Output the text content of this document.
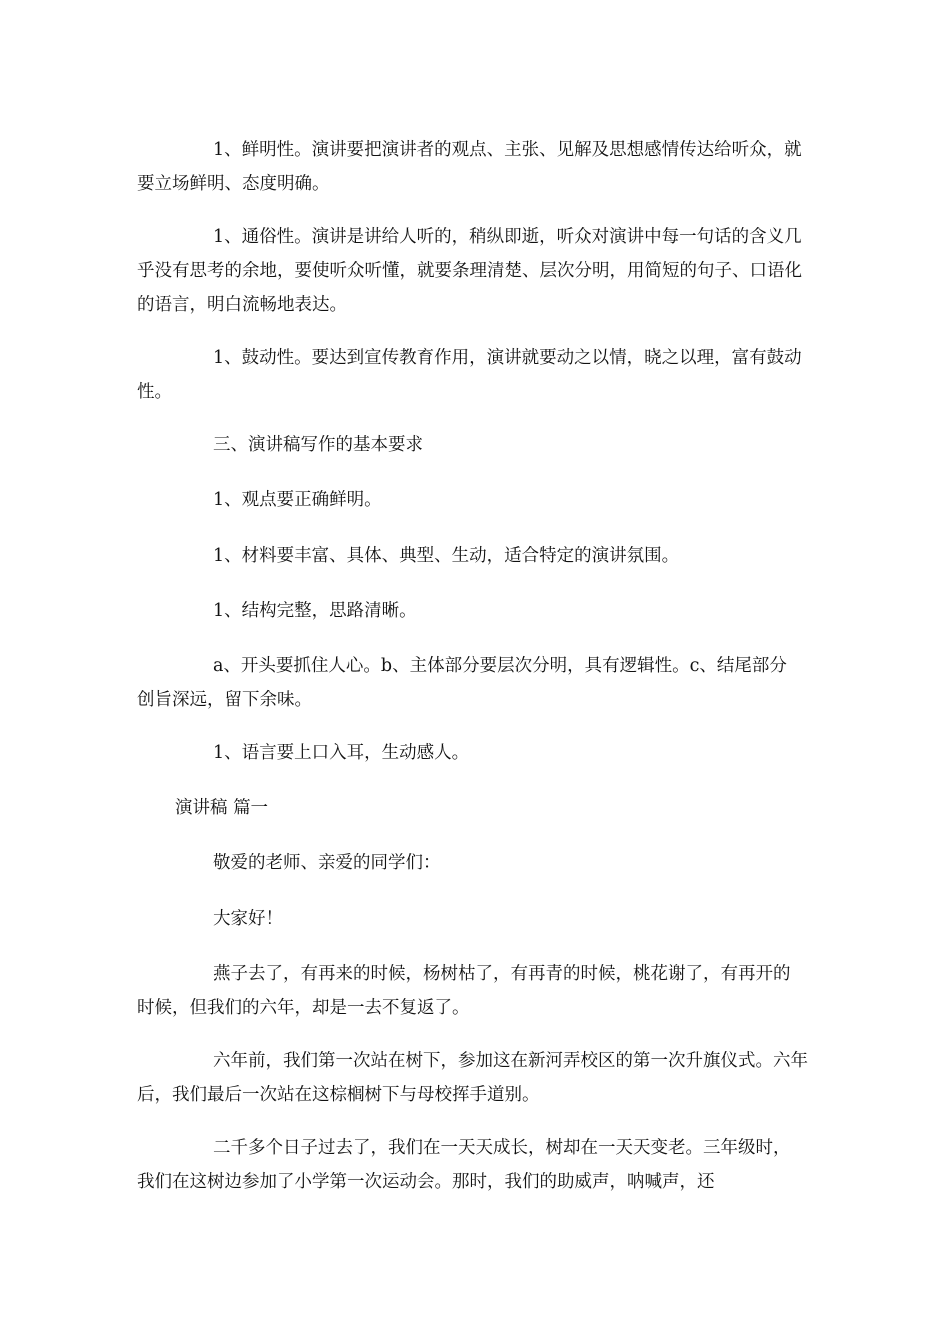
1、鲜明性。演讲要把演讲者的观点、主张、见解及思想感情传达给听众，就要立场鲜明、态度明确。

1、通俗性。演讲是讲给人听的，稍纵即逝，听众对演讲中每一句话的含义几乎没有思考的余地，要使听众听懂，就要条理清楚、层次分明，用简短的句子、口语化的语言，明白流畅地表达。

1、鼓动性。要达到宣传教育作用，演讲就要动之以情，晓之以理，富有鼓动性。

三、演讲稿写作的基本要求

1、观点要正确鲜明。

1、材料要丰富、具体、典型、生动，适合特定的演讲氛围。

1、结构完整，思路清晰。

a、开头要抓住人心。b、主体部分要层次分明，具有逻辑性。c、结尾部分创旨深远，留下余味。

1、语言要上口入耳，生动感人。

演讲稿 篇一

敬爱的老师、亲爱的同学们：

大家好！

燕子去了，有再来的时候，杨树枯了，有再青的时候，桃花谢了，有再开的时候，但我们的六年，却是一去不复返了。

六年前，我们第一次站在树下，参加这在新河弄校区的第一次升旗仪式。六年后，我们最后一次站在这棕榈树下与母校挥手道别。

二千多个日子过去了，我们在一天天成长，树却在一天天变老。三年级时，我们在这树边参加了小学第一次运动会。那时，我们的助威声，呐喊声，还
